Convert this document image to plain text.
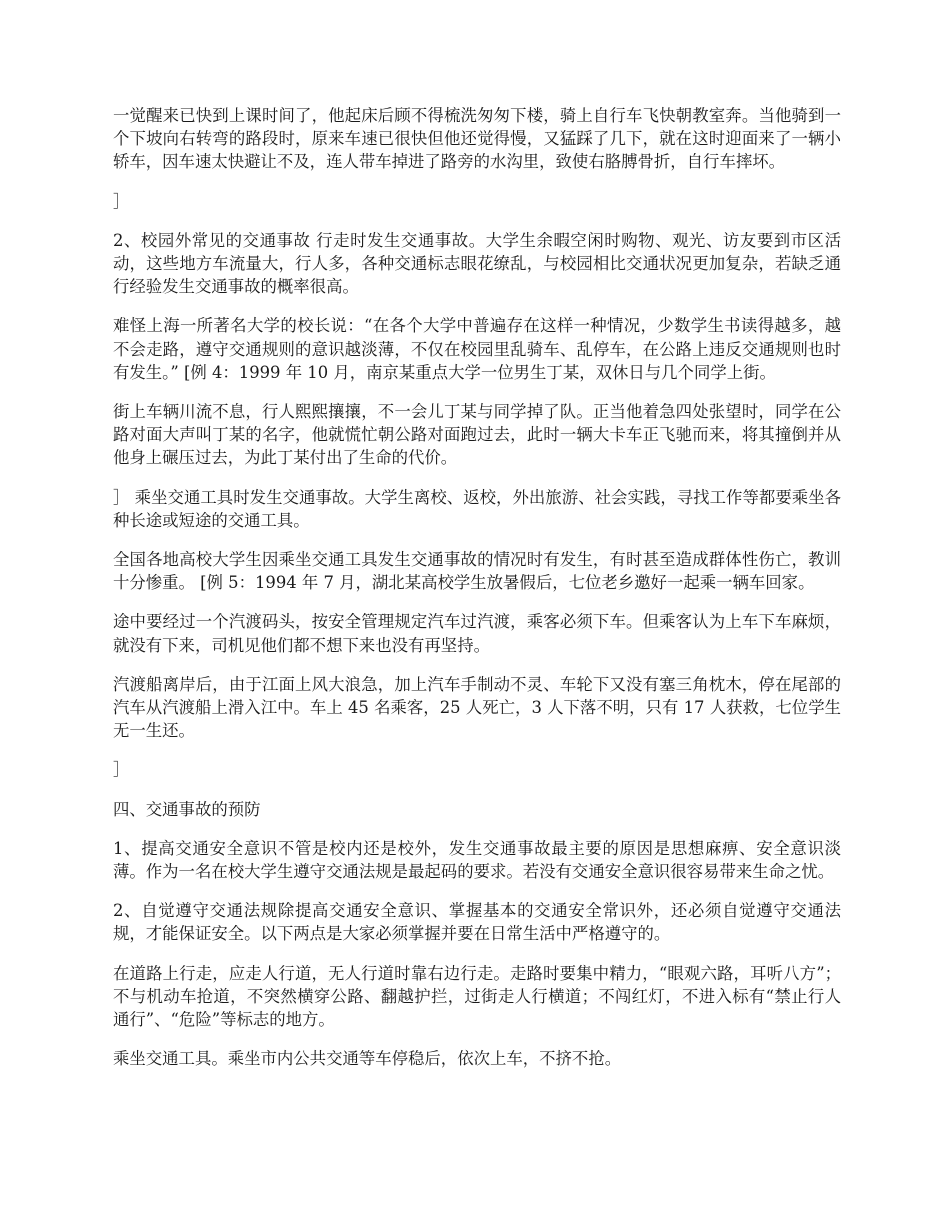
一觉醒来已快到上课时间了，他起床后顾不得梳洗匆匆下楼，骑上自行车飞快朝教室奔。当他骑到一个下坡向右转弯的路段时，原来车速已很快但他还觉得慢，又猛踩了几下，就在这时迎面来了一辆小轿车，因车速太快避让不及，连人带车掉进了路旁的水沟里，致使右胳膊骨折，自行车摔坏。

］

2、校园外常见的交通事故 行走时发生交通事故。大学生余暇空闲时购物、观光、访友要到市区活动，这些地方车流量大，行人多，各种交通标志眼花缭乱，与校园相比交通状况更加复杂，若缺乏通行经验发生交通事故的概率很高。

难怪上海一所著名大学的校长说：“在各个大学中普遍存在这样一种情况，少数学生书读得越多，越不会走路，遵守交通规则的意识越淡薄，不仅在校园里乱骑车、乱停车，在公路上违反交通规则也时有发生。” [例 4：1999 年 10 月，南京某重点大学一位男生丁某，双休日与几个同学上街。

街上车辆川流不息，行人熙熙攘攘，不一会儿丁某与同学掉了队。正当他着急四处张望时，同学在公路对面大声叫丁某的名字，他就慌忙朝公路对面跑过去，此时一辆大卡车正飞驰而来，将其撞倒并从他身上碾压过去，为此丁某付出了生命的代价。

］ 乘坐交通工具时发生交通事故。大学生离校、返校，外出旅游、社会实践，寻找工作等都要乘坐各种长途或短途的交通工具。

全国各地高校大学生因乘坐交通工具发生交通事故的情况时有发生，有时甚至造成群体性伤亡，教训十分惨重。 [例 5：1994 年 7 月，湖北某高校学生放暑假后，七位老乡邀好一起乘一辆车回家。

途中要经过一个汽渡码头，按安全管理规定汽车过汽渡，乘客必须下车。但乘客认为上车下车麻烦，就没有下来，司机见他们都不想下来也没有再坚持。

汽渡船离岸后，由于江面上风大浪急，加上汽车手制动不灵、车轮下又没有塞三角枕木，停在尾部的汽车从汽渡船上滑入江中。车上 45 名乘客，25 人死亡，3 人下落不明，只有 17 人获救，七位学生无一生还。

］

四、交通事故的预防

1、提高交通安全意识不管是校内还是校外，发生交通事故最主要的原因是思想麻痹、安全意识淡薄。作为一名在校大学生遵守交通法规是最起码的要求。若没有交通安全意识很容易带来生命之忧。

2、自觉遵守交通法规除提高交通安全意识、掌握基本的交通安全常识外，还必须自觉遵守交通法规，才能保证安全。以下两点是大家必须掌握并要在日常生活中严格遵守的。

在道路上行走，应走人行道，无人行道时靠右边行走。走路时要集中精力，“眼观六路，耳听八方”；不与机动车抢道，不突然横穿公路、翻越护拦，过街走人行横道；不闯红灯，不进入标有“禁止行人通行”、“危险”等标志的地方。

乘坐交通工具。乘坐市内公共交通等车停稳后，依次上车，不挤不抢。
